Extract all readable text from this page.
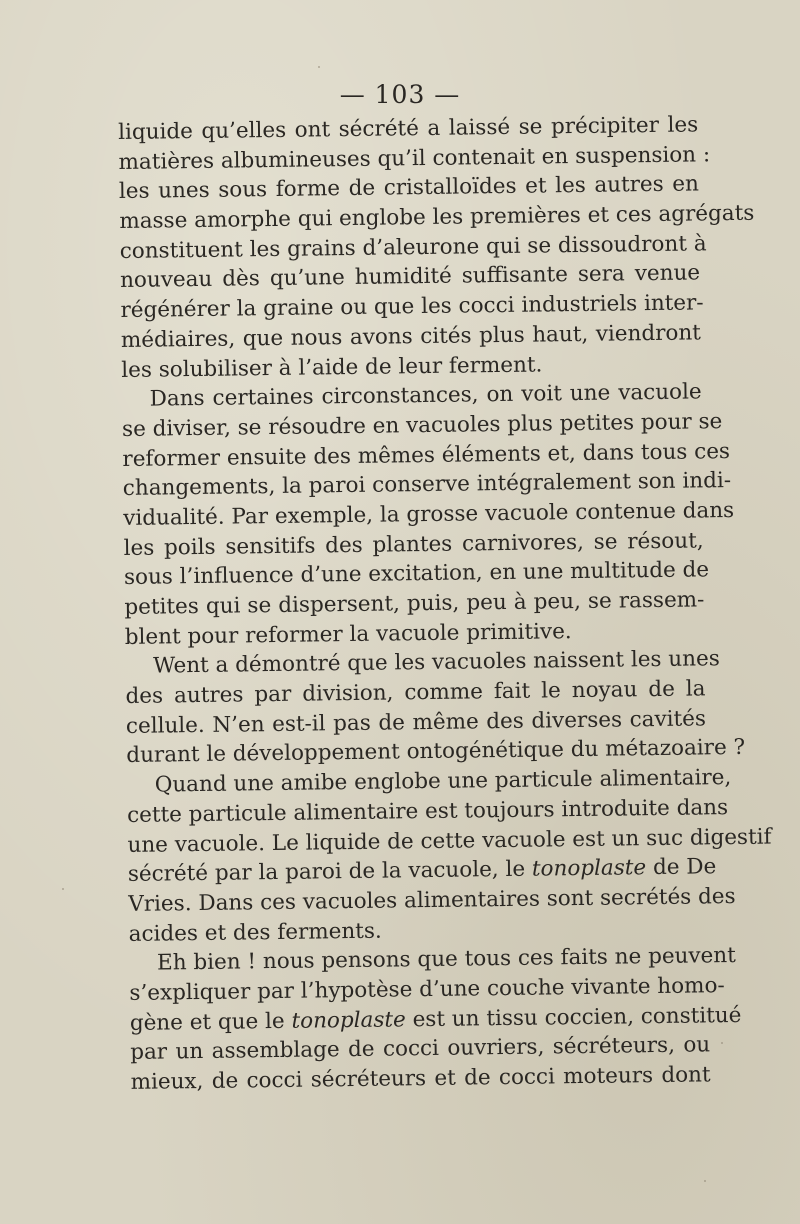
— 103 —
liquide qu’elles ont sécrété a laissé se précipiter les
matières albumineuses qu’il contenait en suspension :
les unes sous forme de cristalloïdes et les autres en
masse amorphe qui englobe les premières et ces agrégats
constituent les grains d’aleurone qui se dissoudront à
nouveau dès qu’une humidité suffisante sera venue
régénérer la graine ou que les cocci industriels inter-
médiaires, que nous avons cités plus haut, viendront
les solubiliser à l’aide de leur ferment.
Dans certaines circonstances, on voit une vacuole
se diviser, se résoudre en vacuoles plus petites pour se
reformer ensuite des mêmes éléments et, dans tous ces
changements, la paroi conserve intégralement son indi-
vidualité. Par exemple, la grosse vacuole contenue dans
les poils sensitifs des plantes carnivores, se résout,
sous l’influence d’une excitation, en une multitude de
petites qui se dispersent, puis, peu à peu, se rassem-
blent pour reformer la vacuole primitive.
Went a démontré que les vacuoles naissent les unes
des autres par division, comme fait le noyau de la
cellule. N’en est-il pas de même des diverses cavités
durant le développement ontogénétique du métazoaire ?
Quand une amibe englobe une particule alimentaire,
cette particule alimentaire est toujours introduite dans
une vacuole. Le liquide de cette vacuole est un suc digestif
sécrété par la paroi de la vacuole, le tonoplaste de De
Vries. Dans ces vacuoles alimentaires sont secrétés des
acides et des ferments.
Eh bien ! nous pensons que tous ces faits ne peuvent
s’expliquer par l’hypotèse d’une couche vivante homo-
gène et que le tonoplaste est un tissu coccien, constitué
par un assemblage de cocci ouvriers, sécréteurs, ou
mieux, de cocci sécréteurs et de cocci moteurs dont
